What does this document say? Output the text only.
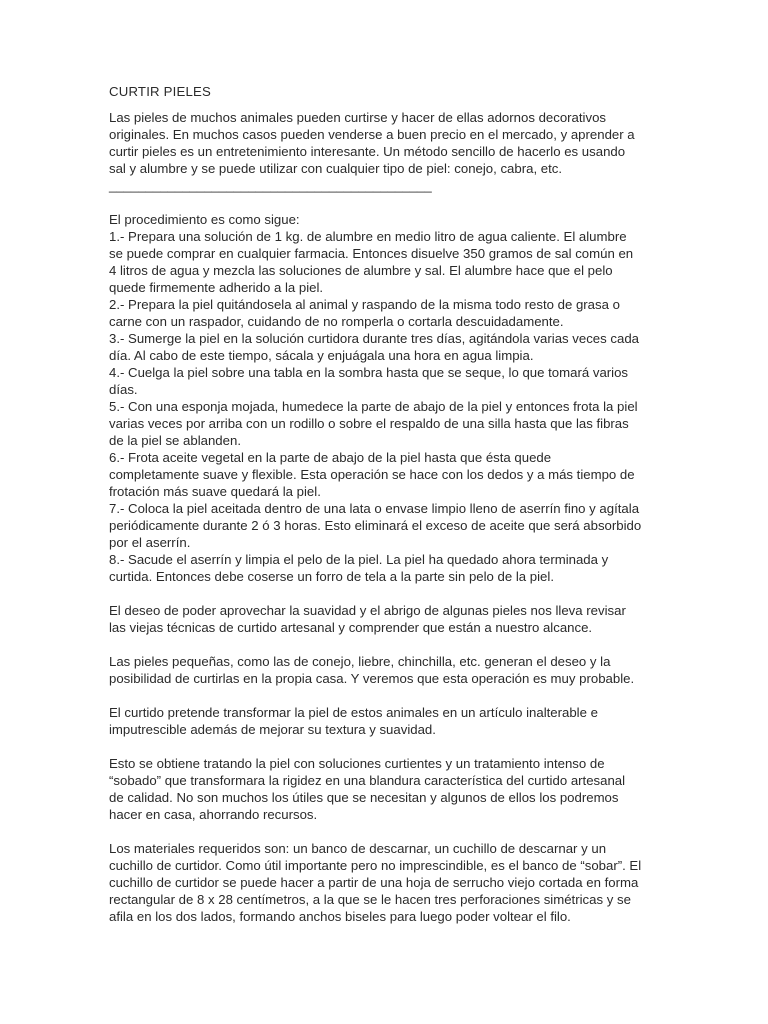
CURTIR PIELES
Las pieles de muchos animales pueden curtirse y hacer de ellas adornos decorativos
originales. En muchos casos pueden venderse a buen precio en el mercado, y aprender a
curtir pieles es un entretenimiento interesante. Un método sencillo de hacerlo es usando
sal y alumbre y se puede utilizar con cualquier tipo de piel: conejo, cabra, etc.
____________________________________________
El procedimiento es como sigue:
1.- Prepara una solución de 1 kg. de alumbre en medio litro de agua caliente. El alumbre
se puede comprar en cualquier farmacia. Entonces disuelve 350 gramos de sal común en
4 litros de agua y mezcla las soluciones de alumbre y sal. El alumbre hace que el pelo
quede firmemente adherido a la piel.
2.- Prepara la piel quitándosela al animal y raspando de la misma todo resto de grasa o
carne con un raspador, cuidando de no romperla o cortarla descuidadamente.
3.- Sumerge la piel en la solución curtidora durante tres días, agitándola varias veces cada
día. Al cabo de este tiempo, sácala y enjuágala una hora en agua limpia.
4.- Cuelga la piel sobre una tabla en la sombra hasta que se seque, lo que tomará varios
días.
5.- Con una esponja mojada, humedece la parte de abajo de la piel y entonces frota la piel
varias veces por arriba con un rodillo o sobre el respaldo de una silla hasta que las fibras
de la piel se ablanden.
6.- Frota aceite vegetal en la parte de abajo de la piel hasta que ésta quede
completamente suave y flexible. Esta operación se hace con los dedos y a más tiempo de
frotación más suave quedará la piel.
7.- Coloca la piel aceitada dentro de una lata o envase limpio lleno de aserrín fino y agítala
periódicamente durante 2 ó 3 horas. Esto eliminará el exceso de aceite que será absorbido
por el aserrín.
8.- Sacude el aserrín y limpia el pelo de la piel. La piel ha quedado ahora terminada y
curtida. Entonces debe coserse un forro de tela a la parte sin pelo de la piel.
El deseo de poder aprovechar la suavidad y el abrigo de algunas pieles nos lleva revisar
las viejas técnicas de curtido artesanal y comprender que están a nuestro alcance.
Las pieles pequeñas, como las de conejo, liebre, chinchilla, etc. generan el deseo y la
posibilidad de curtirlas en la propia casa. Y veremos que esta operación es muy probable.
El curtido pretende transformar la piel de estos animales en un artículo inalterable e
imputrescible además de mejorar su textura y suavidad.
Esto se obtiene tratando la piel con soluciones curtientes y un tratamiento intenso de
“sobado” que transformara la rigidez en una blandura característica del curtido artesanal
de calidad. No son muchos los útiles que se necesitan y algunos de ellos los podremos
hacer en casa, ahorrando recursos.
Los materiales requeridos son: un banco de descarnar, un cuchillo de descarnar y un
cuchillo de curtidor. Como útil importante pero no imprescindible, es el banco de “sobar”. El
cuchillo de curtidor se puede hacer a partir de una hoja de serrucho viejo cortada en forma
rectangular de 8 x 28 centímetros, a la que se le hacen tres perforaciones simétricas y se
afila en los dos lados, formando anchos biseles para luego poder voltear el filo.
